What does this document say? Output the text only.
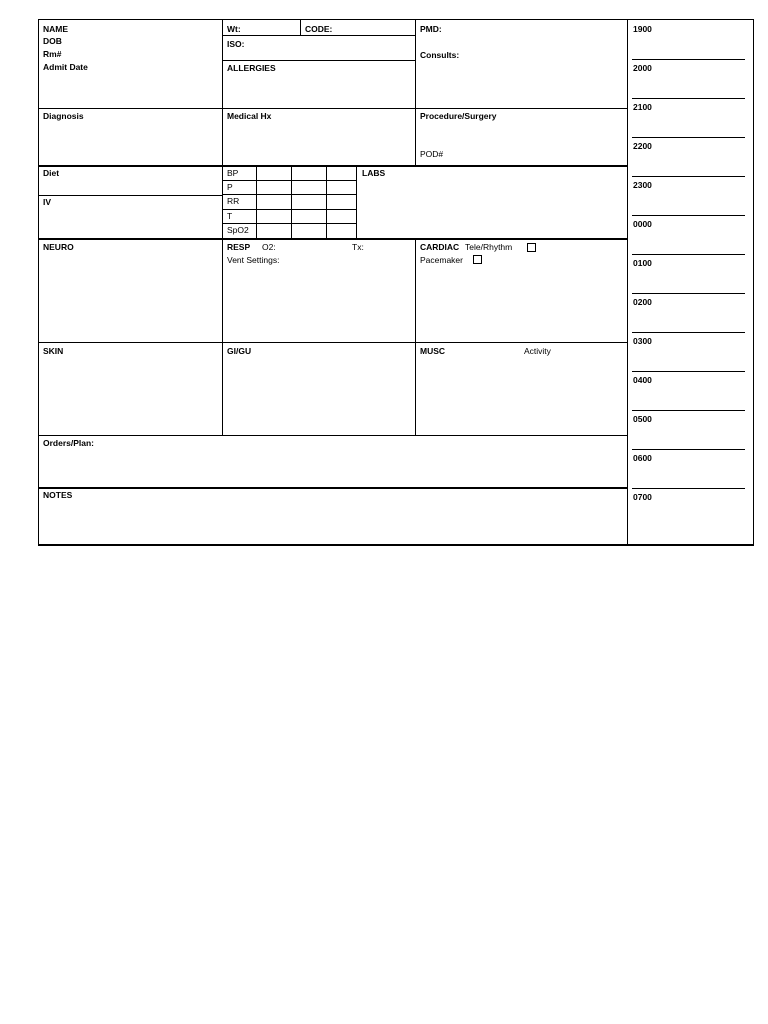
NAME
DOB
Rm#
Admit Date
Wt:	CODE:
ISO:
ALLERGIES
PMD:
Consults:
Diagnosis	Medical Hx	Procedure/Surgery
POD#
Diet
IV
BP
P
RR
T
SpO2
LABS
NEURO	RESP O2:	Tx:
Vent Settings:
CARDIAC Tele/Rhythm
Pacemaker
SKIN	GI/GU	MUSC	Activity
Orders/Plan:
NOTES
1900
2000
2100
2200
2300
0000
0100
0200
0300
0400
0500
0600
0700
